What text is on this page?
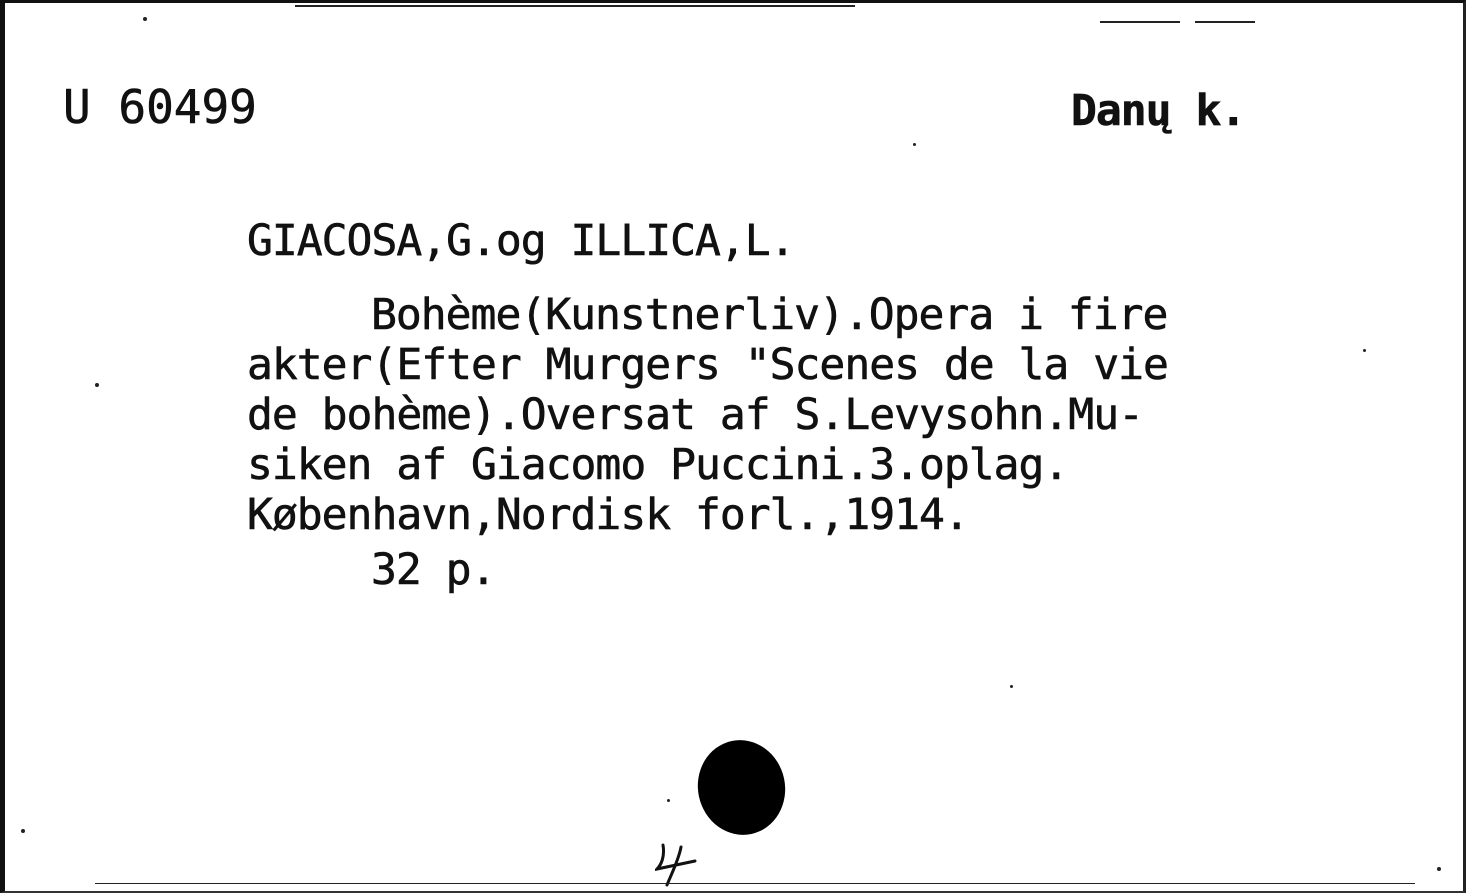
U 60499	Danų k.
GIACOSA,G.og ILLICA,L.
Bohème(Kunstnerliv).Opera i fire
akter(Efter Murgers "Scenes de la vie
de bohème).Oversat af S.Levysohn.Mu-
siken af Giacomo Puccini.3.oplag.
København,Nordisk forl.,1914.
32 p.
